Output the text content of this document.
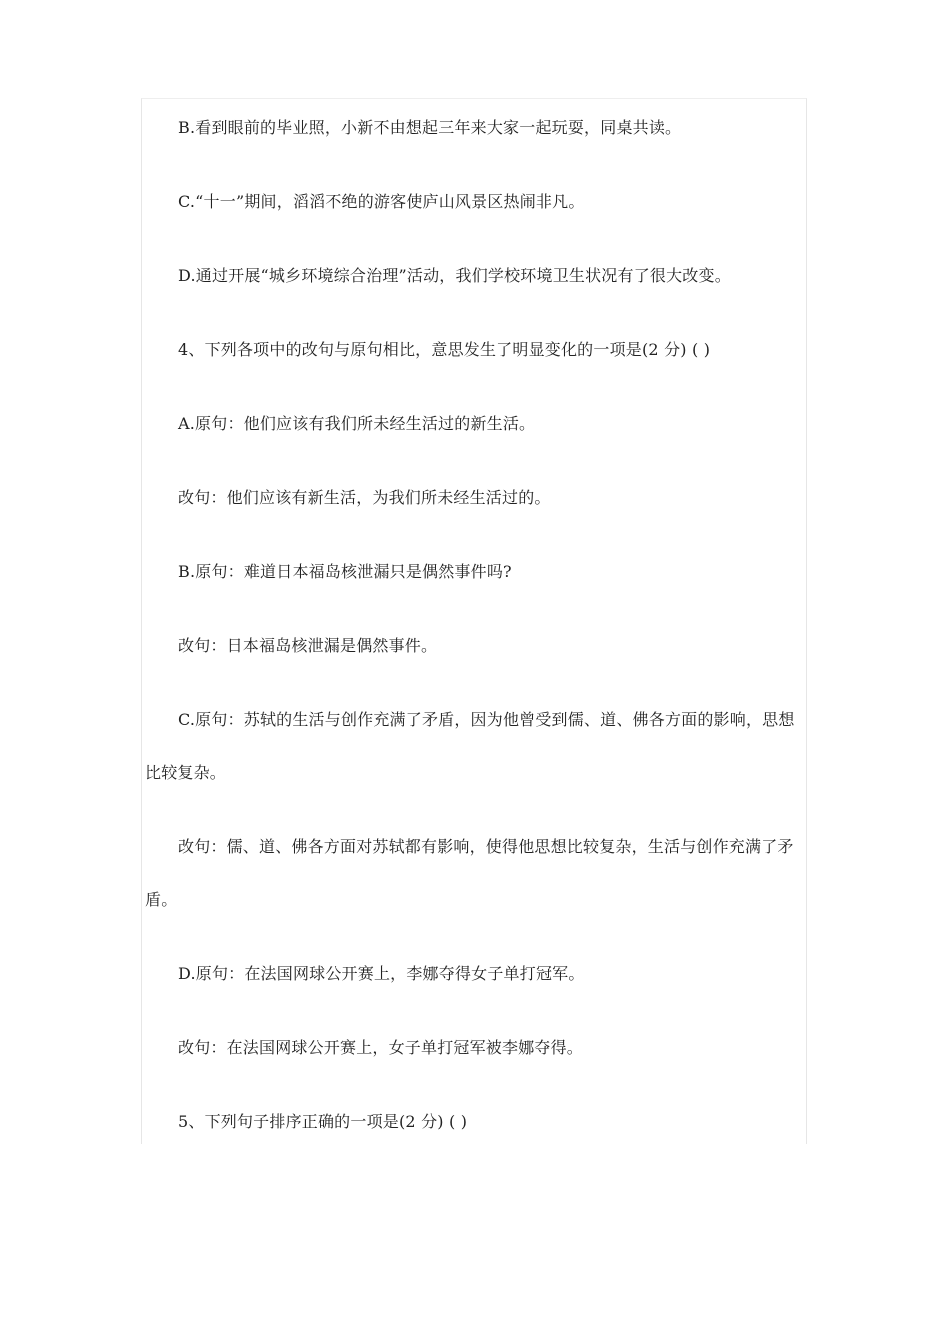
B.看到眼前的毕业照，小新不由想起三年来大家一起玩耍，同桌共读。

C.“十一”期间，滔滔不绝的游客使庐山风景区热闹非凡。

D.通过开展“城乡环境综合治理”活动，我们学校环境卫生状况有了很大改变。

4、下列各项中的改句与原句相比，意思发生了明显变化的一项是(2 分) ( )

A.原句：他们应该有我们所未经生活过的新生活。

改句：他们应该有新生活，为我们所未经生活过的。

B.原句：难道日本福岛核泄漏只是偶然事件吗?

改句：日本福岛核泄漏是偶然事件。

C.原句：苏轼的生活与创作充满了矛盾，因为他曾受到儒、道、佛各方面的影响，思想比较复杂。

改句：儒、道、佛各方面对苏轼都有影响，使得他思想比较复杂，生活与创作充满了矛盾。

D.原句：在法国网球公开赛上，李娜夺得女子单打冠军。

改句：在法国网球公开赛上，女子单打冠军被李娜夺得。

5、下列句子排序正确的一项是(2 分) ( )
